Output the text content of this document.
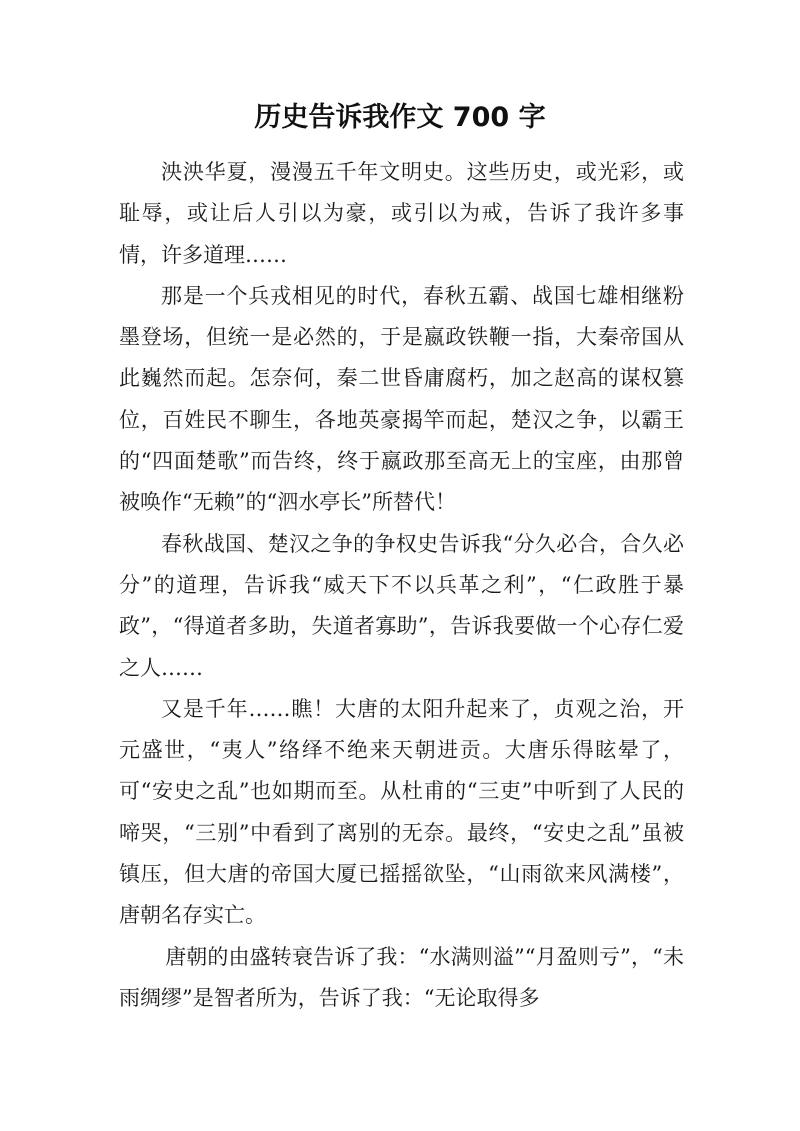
历史告诉我作文 700 字

泱泱华夏，漫漫五千年文明史。这些历史，或光彩，或耻辱，或让后人引以为豪，或引以为戒，告诉了我许多事情，许多道理……

那是一个兵戎相见的时代，春秋五霸、战国七雄相继粉墨登场，但统一是必然的，于是嬴政铁鞭一指，大秦帝国从此巍然而起。怎奈何，秦二世昏庸腐朽，加之赵高的谋权篡位，百姓民不聊生，各地英豪揭竿而起，楚汉之争，以霸王的“四面楚歌”而告终，终于嬴政那至高无上的宝座，由那曾被唤作“无赖”的“泗水亭长”所替代！

春秋战国、楚汉之争的争权史告诉我“分久必合，合久必分”的道理，告诉我“威天下不以兵革之利”，“仁政胜于暴政”，“得道者多助，失道者寡助”，告诉我要做一个心存仁爱之人……

又是千年……瞧！大唐的太阳升起来了，贞观之治，开元盛世，“夷人”络绎不绝来天朝进贡。大唐乐得眩晕了，可“安史之乱”也如期而至。从杜甫的“三吏”中听到了人民的啼哭，“三别”中看到了离别的无奈。最终，“安史之乱”虽被镇压，但大唐的帝国大厦已摇摇欲坠，“山雨欲来风满楼”，唐朝名存实亡。

唐朝的由盛转衰告诉了我：“水满则溢”“月盈则亏”，“未雨绸缪”是智者所为，告诉了我：“无论取得多
